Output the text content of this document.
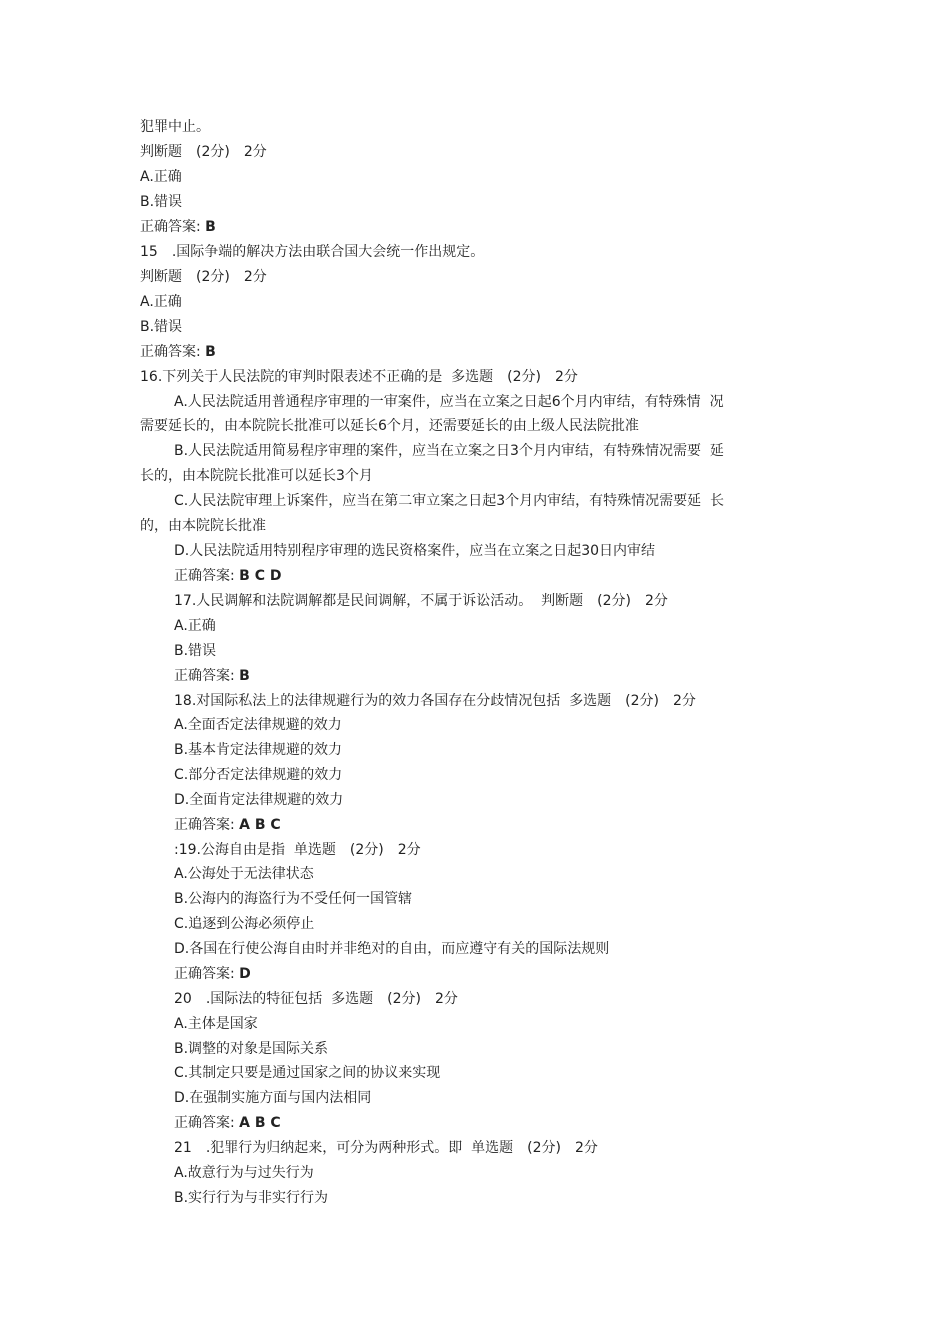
犯罪中止。
判断题　(2分)　2分
A.正确
B.错误
正确答案: B
15　.国际争端的解决方法由联合国大会统一作出规定。
判断题　(2分)　2分
A.正确
B.错误
正确答案: B
16.下列关于人民法院的审判时限表述不正确的是  多选题　(2分)　2分
A.人民法院适用普通程序审理的一审案件，应当在立案之日起6个月内审结，有特殊情  况
需要延长的，由本院院长批准可以延长6个月，还需要延长的由上级人民法院批准
B.人民法院适用简易程序审理的案件，应当在立案之日3个月内审结，有特殊情况需要  延
长的，由本院院长批准可以延长3个月
C.人民法院审理上诉案件，应当在第二审立案之日起3个月内审结，有特殊情况需要延  长
的，由本院院长批准
D.人民法院适用特别程序审理的选民资格案件，应当在立案之日起30日内审结
正确答案: B C D
17.人民调解和法院调解都是民间调解，不属于诉讼活动。  判断题　(2分)　2分
A.正确
B.错误
正确答案: B
18.对国际私法上的法律规避行为的效力各国存在分歧情况包括  多选题　(2分)　2分
A.全面否定法律规避的效力
B.基本肯定法律规避的效力
C.部分否定法律规避的效力
D.全面肯定法律规避的效力
正确答案: A B C
:19.公海自由是指  单选题　(2分)　2分
A.公海处于无法律状态
B.公海内的海盗行为不受任何一国管辖
C.追逐到公海必须停止
D.各国在行使公海自由时并非绝对的自由，而应遵守有关的国际法规则
正确答案: D
20　.国际法的特征包括  多选题　(2分)　2分
A.主体是国家
B.调整的对象是国际关系
C.其制定只要是通过国家之间的协议来实现
D.在强制实施方面与国内法相同
正确答案: A B C
21　.犯罪行为归纳起来，可分为两种形式。即  单选题　(2分)　2分
A.故意行为与过失行为
B.实行行为与非实行行为
